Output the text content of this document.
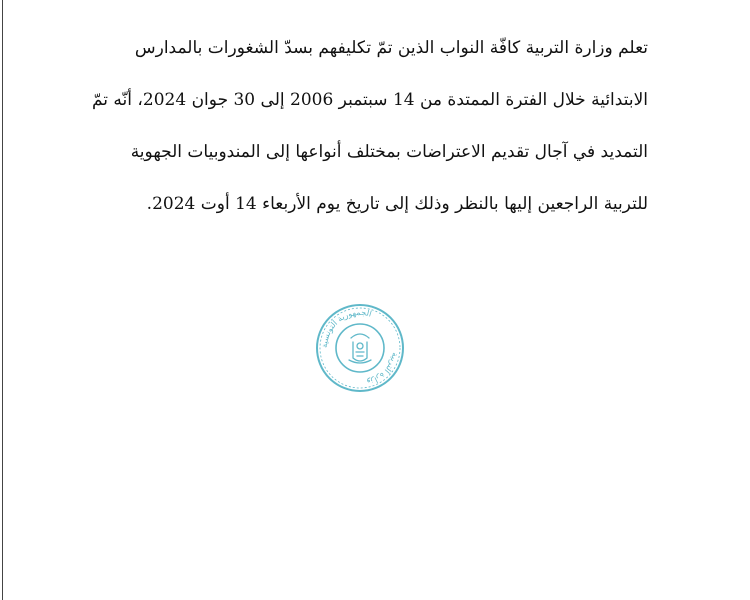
تعلم وزارة التربية كافّة النواب الذين تمّ تكليفهم بسدّ الشغورات بالمدارس
الابتدائية خلال الفترة الممتدة من 14 سبتمبر 2006 إلى 30 جوان 2024، أنّه تمّ
التمديد في آجال تقديم الاعتراضات بمختلف أنواعها إلى المندوبيات الجهوية
للتربية الراجعين إليها بالنظر وذلك إلى تاريخ يوم الأربعاء 14 أوت 2024.
الجمهورية التونسية
وزارة التربية
